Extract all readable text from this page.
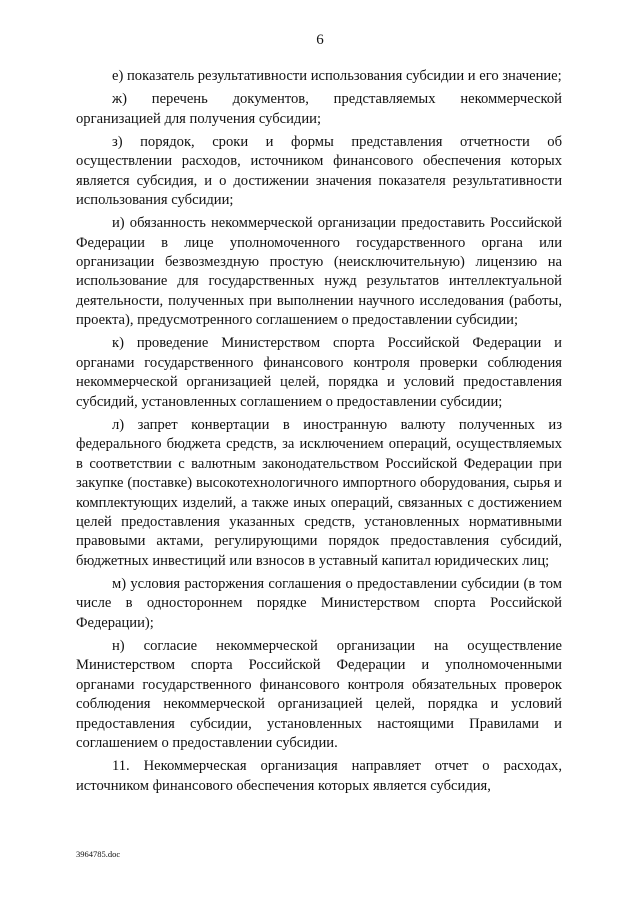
6

е) показатель результативности использования субсидии и его значение;

ж) перечень документов, представляемых некоммерческой организацией для получения субсидии;

з) порядок, сроки и формы представления отчетности об осуществлении расходов, источником финансового обеспечения которых является субсидия, и о достижении значения показателя результативности использования субсидии;

и) обязанность некоммерческой организации предоставить Российской Федерации в лице уполномоченного государственного органа или организации безвозмездную простую (неисключительную) лицензию на использование для государственных нужд результатов интеллектуальной деятельности, полученных при выполнении научного исследования (работы, проекта), предусмотренного соглашением о предоставлении субсидии;

к) проведение Министерством спорта Российской Федерации и органами государственного финансового контроля проверки соблюдения некоммерческой организацией целей, порядка и условий предоставления субсидий, установленных соглашением о предоставлении субсидии;

л) запрет конвертации в иностранную валюту полученных из федерального бюджета средств, за исключением операций, осуществляемых в соответствии с валютным законодательством Российской Федерации при закупке (поставке) высокотехнологичного импортного оборудования, сырья и комплектующих изделий, а также иных операций, связанных с достижением целей предоставления указанных средств, установленных нормативными правовыми актами, регулирующими порядок предоставления субсидий, бюджетных инвестиций или взносов в уставный капитал юридических лиц;

м) условия расторжения соглашения о предоставлении субсидии (в том числе в одностороннем порядке Министерством спорта Российской Федерации);

н) согласие некоммерческой организации на осуществление Министерством спорта Российской Федерации и уполномоченными органами государственного финансового контроля обязательных проверок соблюдения некоммерческой организацией целей, порядка и условий предоставления субсидии, установленных настоящими Правилами и соглашением о предоставлении субсидии.

11. Некоммерческая организация направляет отчет о расходах, источником финансового обеспечения которых является субсидия,

3964785.doc
